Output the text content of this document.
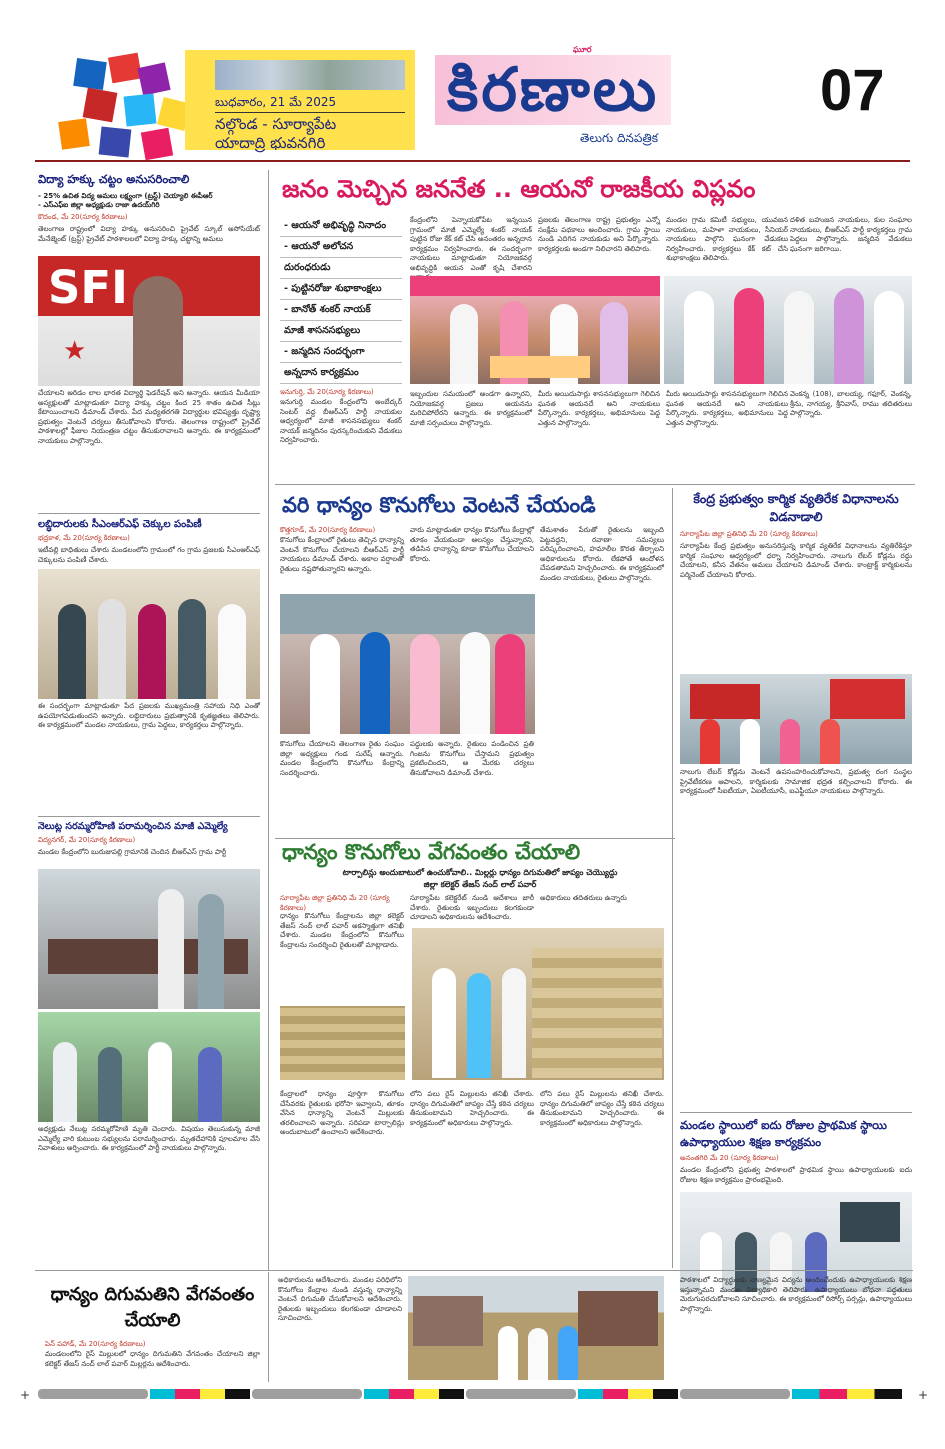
బుధవారం, 21 మే 2025
నల్గొండ - సూర్యాపేట
యాదాద్రి భువనగిరి
ఘూర
కిరణాలు
తెలుగు దినపత్రిక
07
విద్యా హక్కు చట్టం అనుసరించాలి
- 25% ఉచిత విద్య అమలు లక్ష్యంగా (ట్రస్ట్) చెయ్యాలి ఈపీఆర్
- ఎస్ఎఫ్ఐ జిల్లా అధ్యక్షుడు రాజా ఉ‌‌దయ్‌గిరి
కొదండ, మే 20(సూర్య కిరణాలు)
తెలంగాణ రాష్ట్రంలో విద్యా హక్కు అనుసరించి ప్రైవేట్ స్కూల్ అసోసియేట్ మేనేజ్మెంట్ (ట్రస్ట్) ప్రైవేట్ పాఠశాలలలో విద్యా హక్కు చట్టాన్ని అమలు
SFI
★
చేయాలని అరిడం లాల భారత విద్యార్థి ఫెడరేషన్ అని అన్నారు. ఆయన మీడియా అస్యక్షులతో మాట్లాడుతూ విద్యా హక్కు చట్టం కింద 25 శాతం ఉచిత సీట్లు కేటాయించాలని డిమాండ్ చేశారు. పేద మధ్యతరగతి విద్యార్థుల భవిష్యత్తు దృష్ట్యా ప్రభుత్వం వెంటనే చర్యలు తీసుకోవాలని కోరారు. తెలంగాణ రాష్ట్రంలో ప్రైవేట్ పాఠశాలల్లో ఫీజుల నియంత్రణ చట్టం తీసుకురావాలని అన్నారు. ఈ కార్యక్రమంలో నాయకులు పాల్గొన్నారు.
లబ్ధిదారులకు సీఎంఆర్ఎఫ్ చెక్కుల పంపిణీ
భద్రకాళ, మే 20(సూర్య కిరణాలు)
ఇటీవల్లి బాధితులు చేశారు మండలంలోని గ్రామంలో గం గ్రామ ప్రజలకు సీఎంఆర్ఎఫ్ చెక్కులను పంపిణీ చేశారు.
ఈ సందర్భంగా మాట్లాడుతూ పేద ప్రజలకు ముఖ్యమంత్రి సహాయ నిధి ఎంతో ఉపయోగపడుతుందని అన్నారు. లబ్ధిదారులు ప్రభుత్వానికి కృతజ్ఞతలు తెలిపారు. ఈ కార్యక్రమంలో మండల నాయకులు, గ్రామ పెద్దలు, కార్యకర్తలు పాల్గొన్నారు.
నెలుట్ల సరమ్మరోహిణి పరామర్శించిన మాజీ ఎమ్మెల్యే
విద్యనగర్, మే 20(సూర్య కిరణాలు)
మండల కేంద్రంలోని బురుజుపల్లి గ్రామానికి చెందిన బీఆర్ఎస్ గ్రామ పార్టీ
అధ్యక్షుడు నేలుట్ల సరమ్మరోహిణి మృతి చెందారు. విషయం తెలుసుకున్న మాజీ ఎమ్మెల్యే వారి కుటుంబ సభ్యులను పరామర్శించారు. మృతదేహానికి పూలమాల వేసి నివాళులు అర్పించారు. ఈ కార్యక్రమంలో పార్టీ నాయకులు పాల్గొన్నారు.
జనం మెచ్చిన జననేత .. ఆయనో రాజకీయ విప్లవం
- ఆయనో అభివృద్ధి నినాదం
- ఆయనో అలోచన
దురంధరుడు
- పుట్టినరోజు శుభాకాంక్షలు
- బానోత్ శంకర్ నాయక్
మాజీ శాసనసభ్యులు
- జన్మదిన సందర్భంగా
అన్నదాన కార్యక్రమం
ఇనుగుర్తి, మే 20(సూర్య కిరణాలు)
ఇనుగుర్తి మండల కేంద్రంలోని అంబేద్కర్ సెంటర్ వద్ద బీఆర్ఎస్ పార్టీ నాయకుల ఆధ్వర్యంలో మాజీ శాసనసభ్యులు శంకర్ నాయక్ జన్మదినం పురస్కరించుకుని వేడుకలు నిర్వహించారు.
కేంద్రంలోని పెన్నాయకోపేట ఇన్నయిన గ్రామంలో మాజీ ఎమ్మెల్యే శంకర్ నాయక్ పుట్టిన రోజు కేక్ కట్ చేసి అనంతరం అన్నదాన కార్యక్రమం నిర్వహించారు. ఈ సందర్భంగా నాయకులు మాట్లాడుతూ నియోజకవర్గ అభివృద్ధికి ఆయన ఎంతో కృషి చేశారని
ప్రజలకు తెలంగాణ రాష్ట్ర ప్రభుత్వం ఎన్నో సంక్షేమ పథకాలు అందించారు. గ్రామ స్థాయి నుండి ఎదిగిన నాయకుడు అని పేర్కొన్నారు. కార్యకర్తలకు అండగా నిలిచారని తెలిపారు.
మండల గ్రామ కమిటీ సభ్యులు, యువజన నాయకులు, మహిళా నాయకులు, సీనియర్ నాయకులు పాల్గొని ఘనంగా వేడుకలు నిర్వహించారు. కార్యకర్తలు కేక్ కట్ చేసి శుభాకాంక్షలు తెలిపారు.
దళిత బహుజన నాయకులు, కుల సంఘాల నాయకులు, బీఆర్ఎస్ పార్టీ కార్యకర్తలు గ్రామ పెద్దలు పాల్గొన్నారు. జన్మదిన వేడుకలు ఘనంగా జరిగాయి.
ఇబ్బందుల సమయంలో అండగా ఉన్నారని, నియోజకవర్గ ప్రజలు ఆయనను మరిచిపోలేరని అన్నారు. ఈ కార్యక్రమంలో మాజీ సర్పంచులు పాల్గొన్నారు.
మీరు అయిదుసార్లు శాసనసభ్యులుగా గెలిచిన ఘనత ఆయనదే అని నాయకులు పేర్కొన్నారు. కార్యకర్తలు, అభిమానులు పెద్ద ఎత్తున పాల్గొన్నారు.
మీరు అయిదుసార్లు శాసనసభ్యులుగా గెలిచిన ఘనత ఆయనదే అని నాయకులు పేర్కొన్నారు. కార్యకర్తలు, అభిమానులు పెద్ద ఎత్తున పాల్గొన్నారు.
వెంకన్న (108), బాలయ్య, గఫూర్, వెంకన్న, శ్రీను, నాగయ్య, శ్రీనివాస్, రాము తదితరులు పాల్గొన్నారు.
వరి ధాన్యం కొనుగోలు వెంటనే చేయండి
కొత్తగూడ్, మే 20(సూర్య కిరణాలు)
కొనుగోలు కేంద్రాలలో రైతులు తెచ్చిన ధాన్యాన్ని వెంటనే కొనుగోలు చేయాలని బీఆర్ఎస్ పార్టీ నాయకులు డిమాండ్ చేశారు. అకాల వర్షాలతో రైతులు నష్టపోతున్నారని అన్నారు.
వారు మాట్లాడుతూ ధాన్యం కొనుగోలు కేంద్రాల్లో తూకం వేయకుండా ఆలస్యం చేస్తున్నారని, తడిసిన ధాన్యాన్ని కూడా కొనుగోలు చేయాలని కోరారు.
తేమశాతం పేరుతో రైతులను ఇబ్బంది పెట్టవద్దని, రవాణా సమస్యలు పరిష్కరించాలని, హమాలీల కొరత తీర్చాలని అధికారులను కోరారు. లేకపోతే ఆందోళన చేపడతామని హెచ్చరించారు. ఈ కార్యక్రమంలో మండల నాయకులు, రైతులు పాల్గొన్నారు.
కొనుగోలు చేయాలని తెలంగాణ రైతు సంఘం జిల్లా అధ్యక్షులు గండ సురేష్ అన్నారు. మండల కేంద్రంలోని కొనుగోలు కేంద్రాన్ని సందర్శించారు.
పద్దులకు అన్నారు. రైతులు పండించిన ప్రతి గింజను కొనుగోలు చేస్తామని ప్రభుత్వం ప్రకటించిందని, ఆ మేరకు చర్యలు తీసుకోవాలని డిమాండ్ చేశారు.
ధాన్యం కొనుగోలు వేగవంతం చేయాలి
టార్పాలిన్లు అందుబాటులో ఉంచుకోవాలి.. మిల్లర్లు ధాన్యం దిగుమతిలో జాప్యం చెయ్యొద్దు
జిల్లా కలెక్టర్ తేజస్ నంద్ లాల్ పవార్
సూర్యాపేట జిల్లా ప్రతినిధి మే 20 (సూర్య కిరణాలు)
ధాన్యం కొనుగోలు కేంద్రాలను జిల్లా కలెక్టర్ తేజస్ నంద్ లాల్ పవార్ అకస్మాత్తుగా తనిఖీ చేశారు. మండల కేంద్రంలోని కొనుగోలు కేంద్రాలను సందర్శించి రైతులతో మాట్లాడారు.
సూర్యాపేట కలెక్టరేట్ నుండి ఆదేశాలు జారీ చేశారు. రైతులకు ఇబ్బందులు కలగకుండా చూడాలని అధికారులను ఆదేశించారు.
అధికారులు తదితరులు ఉన్నారు
కేంద్రాలలో ధాన్యం పూర్తిగా కొనుగోలు చేసేవరకు రైతులకు భరోసా ఇవ్వాలని, తూకం వేసిన ధాన్యాన్ని వెంటనే మిల్లులకు తరలించాలని అన్నారు. సరిపడా టార్పాలిన్లు అందుబాటులో ఉంచాలని ఆదేశించారు.
లోని పలు రైస్ మిల్లులను తనిఖీ చేశారు. ధాన్యం దిగుమతిలో జాప్యం చేస్తే కఠిన చర్యలు తీసుకుంటామని హెచ్చరించారు. ఈ కార్యక్రమంలో అధికారులు పాల్గొన్నారు.
లోని పలు రైస్ మిల్లులను తనిఖీ చేశారు. ధాన్యం దిగుమతిలో జాప్యం చేస్తే కఠిన చర్యలు తీసుకుంటామని హెచ్చరించారు. ఈ కార్యక్రమంలో అధికారులు పాల్గొన్నారు.
కేంద్ర ప్రభుత్వం కార్మిక వ్యతిరేక విధానాలను విడనాడాలి
సూర్యాపేట జిల్లా ప్రతినిధి మే 20 (సూర్య కిరణాలు)
సూర్యాపేట కేంద్ర ప్రభుత్వం అనుసరిస్తున్న కార్మిక వ్యతిరేక విధానాలను వ్యతిరేకిస్తూ కార్మిక సంఘాల ఆధ్వర్యంలో ధర్నా నిర్వహించారు. నాలుగు లేబర్ కోడ్లను రద్దు చేయాలని, కనీస వేతనం అమలు చేయాలని డిమాండ్ చేశారు. కాంట్రాక్ట్ కార్మికులను పర్మినెంట్ చేయాలని కోరారు.
నాలుగు లేబర్ కోడ్లను వెంటనే ఉపసంహరించుకోవాలని, ప్రభుత్వ రంగ సంస్థల ప్రైవేటీకరణ ఆపాలని, కార్మికులకు సామాజిక భద్రత కల్పించాలని కోరారు. ఈ కార్యక్రమంలో సీఐటీయూ, ఏఐటీయూసీ, ఐఎఫ్టీయూ నాయకులు పాల్గొన్నారు.
మండల స్థాయిలో ఐదు రోజుల ప్రాథమిక స్థాయి ఉపాధ్యాయుల శిక్షణ కార్యక్రమం
అనంతగిరి మే 20 (సూర్య కిరణాలు)
మండల కేంద్రంలోని ప్రభుత్వ పాఠశాలలో ప్రాథమిక స్థాయి ఉపాధ్యాయులకు ఐదు రోజుల శిక్షణ కార్యక్రమం ప్రారంభమైంది.
ధాన్యం దిగుమతిని వేగవంతం చేయాలి
పెన్ పహాడ్, మే 20(సూర్య కిరణాలు)
మండలంలోని రైస్ మిల్లులలో ధాన్యం దిగుమతిని వేగవంతం చేయాలని జిల్లా కలెక్టర్ తేజస్ నంద్ లాల్ పవార్ మిల్లర్లను ఆదేశించారు.
అధికారులను ఆదేశించారు. మండల పరిధిలోని కొనుగోలు కేంద్రాల నుండి వస్తున్న ధాన్యాన్ని వెంటనే దిగుమతి చేసుకోవాలని ఆదేశించారు. రైతులకు ఇబ్బందులు కలగకుండా చూడాలని సూచించారు.
పాఠశాలలో విద్యార్థులకు నాణ్యమైన విద్యను అందించేందుకు ఉపాధ్యాయులకు శిక్షణ ఇస్తున్నామని మండల విద్యాధికారి తెలిపారు. ఉపాధ్యాయులు బోధనా పద్ధతులు మెరుగుపరచుకోవాలని సూచించారు. ఈ కార్యక్రమంలో రిసోర్స్ పర్సన్లు, ఉపాధ్యాయులు పాల్గొన్నారు.
+	+
